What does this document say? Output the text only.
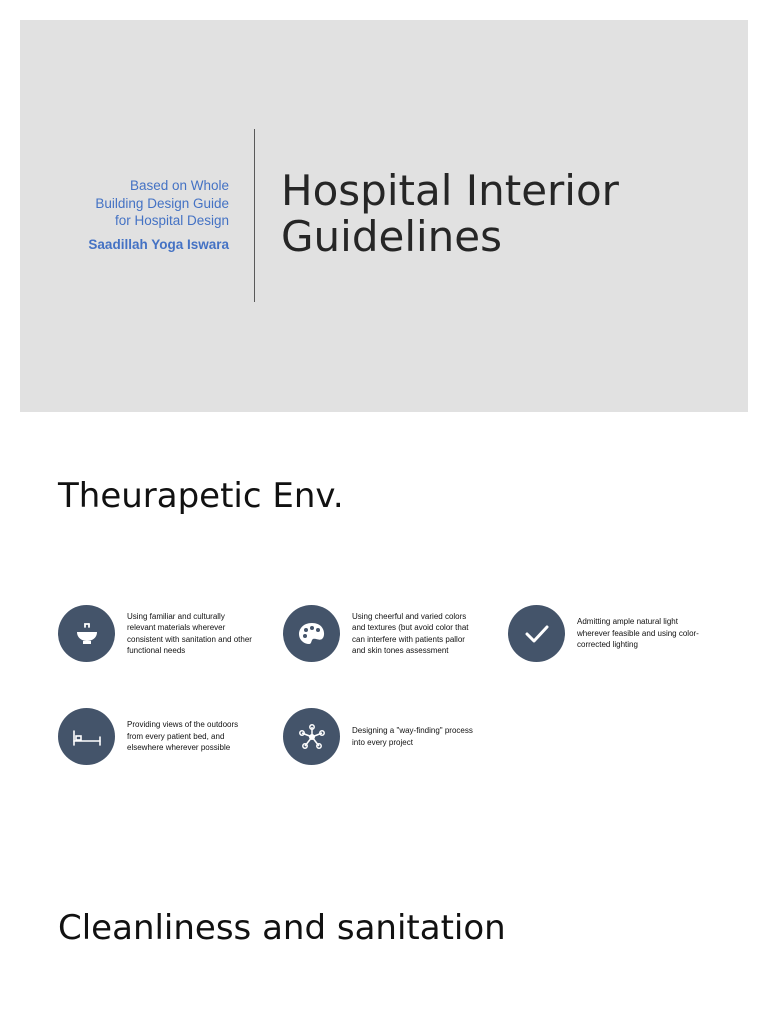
Based on Whole
Building Design Guide
for Hospital Design
Saadillah Yoga Iswara
Hospital Interior
Guidelines
Theurapetic Env.
Using familiar and culturally relevant materials wherever consistent with sanitation and other functional needs
Using cheerful and varied colors and textures (but avoid color that can interfere with patients pallor and skin tones assessment
Admitting ample natural light wherever feasible and using color-corrected lighting
Providing views of the outdoors from every patient bed, and elsewhere wherever possible
Designing a "way-finding" process into every project
Cleanliness and sanitation
